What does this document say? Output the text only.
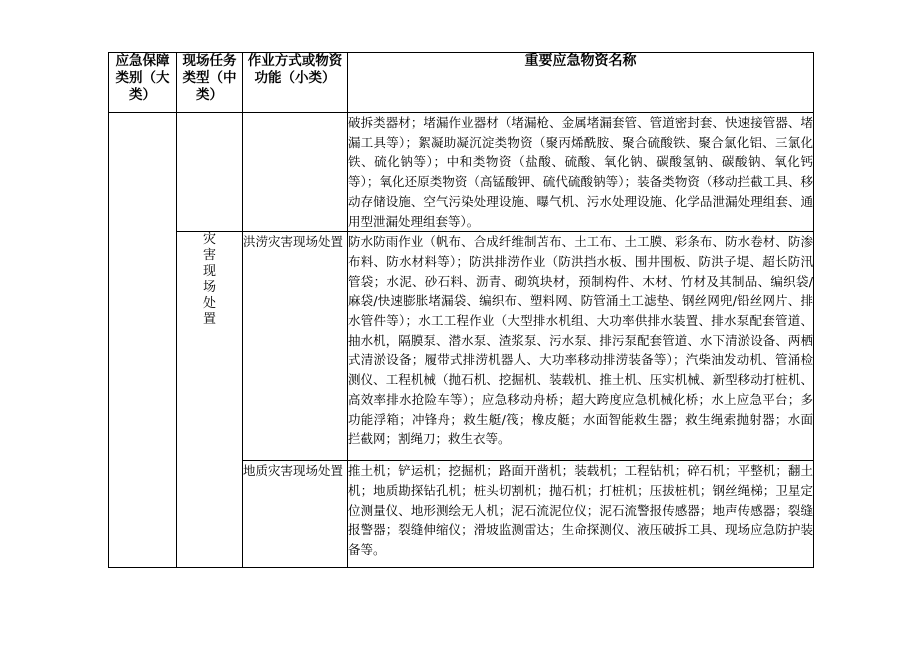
应急保障类别（大类）	现场任务类型（中类）	作业方式或物资功能（小类）	重要应急物资名称

			破拆类器材；堵漏作业器材（堵漏枪、金属堵漏套管、管道密封套、快速接管器、堵漏工具等）；絮凝助凝沉淀类物资（聚丙烯酰胺、聚合硫酸铁、聚合氯化铝、三氯化铁、硫化钠等）；中和类物资（盐酸、硫酸、氧化钠、碳酸氢钠、碳酸钠、氧化钙等）；氧化还原类物资（高锰酸钾、硫代硫酸钠等）；装备类物资（移动拦截工具、移动存储设施、空气污染处理设施、曝气机、污水处理设施、化学品泄漏处理组套、通用型泄漏处理组套等）。
	灾害现场处置	洪涝灾害现场处置	防水防雨作业（帆布、合成纤维制苫布、土工布、土工膜、彩条布、防水卷材、防渗布料、防水材料等）；防洪排涝作业（防洪挡水板、围井围板、防洪子堤、超长防汛管袋；水泥、砂石料、沥青、砌筑块材，预制构件、木材、竹材及其制品、编织袋/麻袋/快速膨胀堵漏袋、编织布、塑料网、防管涌土工滤垫、钢丝网兜/铅丝网片、排水管件等）；水工工程作业（大型排水机组、大功率供排水装置、排水泵配套管道、抽水机，隔膜泵、潜水泵、渣浆泵、污水泵、排污泵配套管道、水下清淤设备、两栖式清淤设备；履带式排涝机器人、大功率移动排涝装备等）；汽柴油发动机、管涌检测仪、工程机械（抛石机、挖掘机、装载机、推土机、压实机械、新型移动打桩机、高效率排水抢险车等）；应急移动舟桥；超大跨度应急机械化桥；水上应急平台；多功能浮箱；冲锋舟；救生艇/筏；橡皮艇；水面智能救生器；救生绳索抛射器；水面拦截网；割绳刀；救生衣等。
		地质灾害现场处置	推土机；铲运机；挖掘机；路面开凿机；装载机；工程钻机；碎石机；平整机；翻土机；地质勘探钻孔机；桩头切割机；抛石机；打桩机；压拔桩机；钢丝绳梯；卫星定位测量仪、地形测绘无人机；泥石流泥位仪；泥石流警报传感器；地声传感器；裂缝报警器；裂缝伸缩仪；滑坡监测雷达；生命探测仪、液压破拆工具、现场应急防护装备等。
